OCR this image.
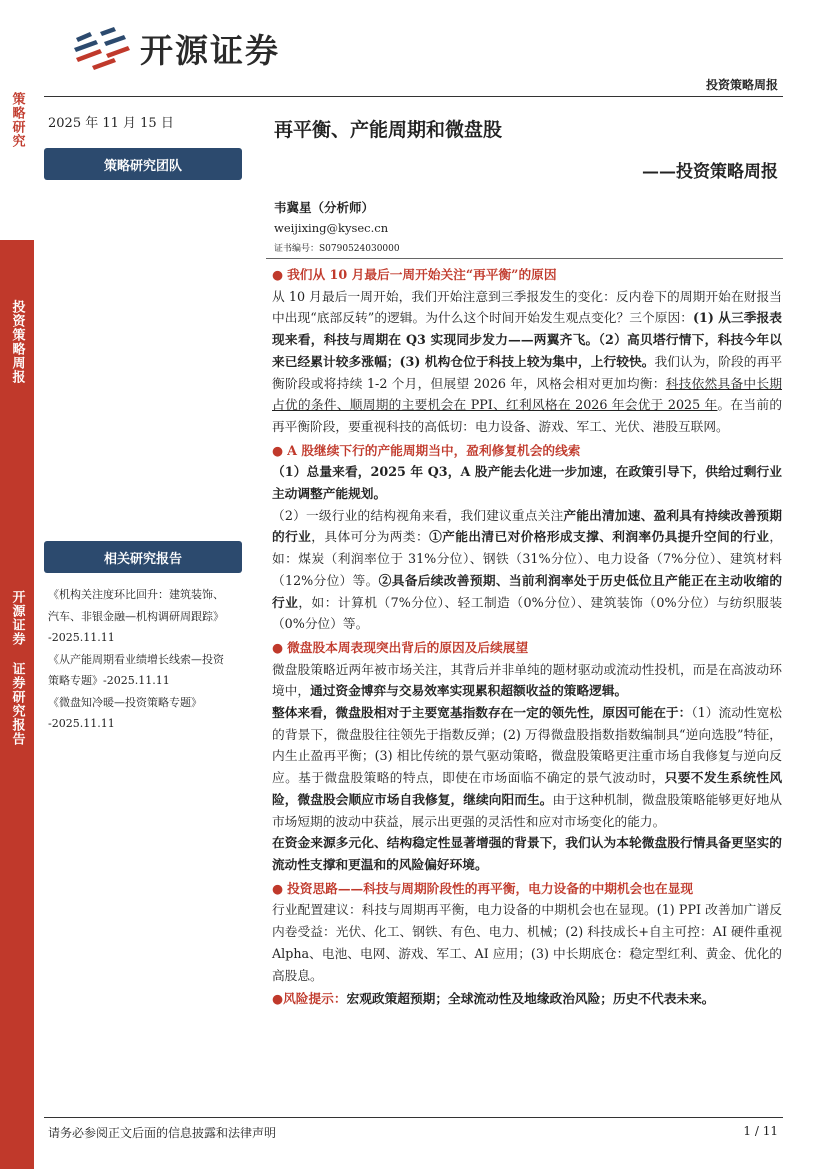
策略研究
投资策略周报
开源证券 证券研究报告
开源证券
投资策略周报
2025 年 11 月 15 日
策略研究团队
再平衡、产能周期和微盘股
——投资策略周报
韦冀星（分析师）
weijixing@kysec.cn
证书编号：S0790524030000
相关研究报告
《机构关注度环比回升：建筑装饰、
汽车、非银金融—机构调研周跟踪》
-2025.11.11
《从产能周期看业绩增长线索—投资
策略专题》-2025.11.11
《微盘知冷暖—投资策略专题》
-2025.11.11
● 我们从 10 月最后一周开始关注“再平衡”的原因

从 10 月最后一周开始，我们开始注意到三季报发生的变化：反内卷下的周期开始在财报当中出现“底部反转”的逻辑。为什么这个时间开始发生观点变化？三个原因：(1) 从三季报表现来看，科技与周期在 Q3 实现同步发力——两翼齐飞。（2）高贝塔行情下，科技今年以来已经累计较多涨幅；(3) 机构仓位于科技上较为集中，上行较快。我们认为，阶段的再平衡阶段或将持续 1-2 个月，但展望 2026 年，风格会相对更加均衡：科技依然具备中长期占优的条件、顺周期的主要机会在 PPI、红利风格在 2026 年会优于 2025 年。在当前的再平衡阶段，要重视科技的高低切：电力设备、游戏、军工、光伏、港股互联网。

● A 股继续下行的产能周期当中，盈利修复机会的线索

（1）总量来看，2025 年 Q3，A 股产能去化进一步加速，在政策引导下，供给过剩行业主动调整产能规划。

（2）一级行业的结构视角来看，我们建议重点关注产能出清加速、盈利具有持续改善预期的行业，具体可分为两类：①产能出清已对价格形成支撑、利润率仍具提升空间的行业，如：煤炭（利润率位于 31%分位）、钢铁（31%分位）、电力设备（7%分位）、建筑材料（12%分位）等。②具备后续改善预期、当前利润率处于历史低位且产能正在主动收缩的行业，如：计算机（7%分位）、轻工制造（0%分位）、建筑装饰（0%分位）与纺织服装（0%分位）等。

● 微盘股本周表现突出背后的原因及后续展望

微盘股策略近两年被市场关注，其背后并非单纯的题材驱动或流动性投机，而是在高波动环境中，通过资金博弈与交易效率实现累积超额收益的策略逻辑。

整体来看，微盘股相对于主要宽基指数存在一定的领先性，原因可能在于：（1）流动性宽松的背景下，微盘股往往领先于指数反弹；(2) 万得微盘股指数指数编制具“逆向选股”特征，内生止盈再平衡；(3) 相比传统的景气驱动策略，微盘股策略更注重市场自我修复与逆向反应。基于微盘股策略的特点，即使在市场面临不确定的景气波动时，只要不发生系统性风险，微盘股会顺应市场自我修复，继续向阳而生。由于这种机制，微盘股策略能够更好地从市场短期的波动中获益，展示出更强的灵活性和应对市场变化的能力。

在资金来源多元化、结构稳定性显著增强的背景下，我们认为本轮微盘股行情具备更坚实的流动性支撑和更温和的风险偏好环境。

● 投资思路——科技与周期阶段性的再平衡，电力设备的中期机会也在显现

行业配置建议：科技与周期再平衡，电力设备的中期机会也在显现。(1) PPI 改善加广谱反内卷受益：光伏、化工、钢铁、有色、电力、机械；(2) 科技成长+自主可控：AI 硬件重视 Alpha、电池、电网、游戏、军工、AI 应用；(3) 中长期底仓：稳定型红利、黄金、优化的高股息。

●风险提示：宏观政策超预期；全球流动性及地缘政治风险；历史不代表未来。
请务必参阅正文后面的信息披露和法律声明	1 / 11
